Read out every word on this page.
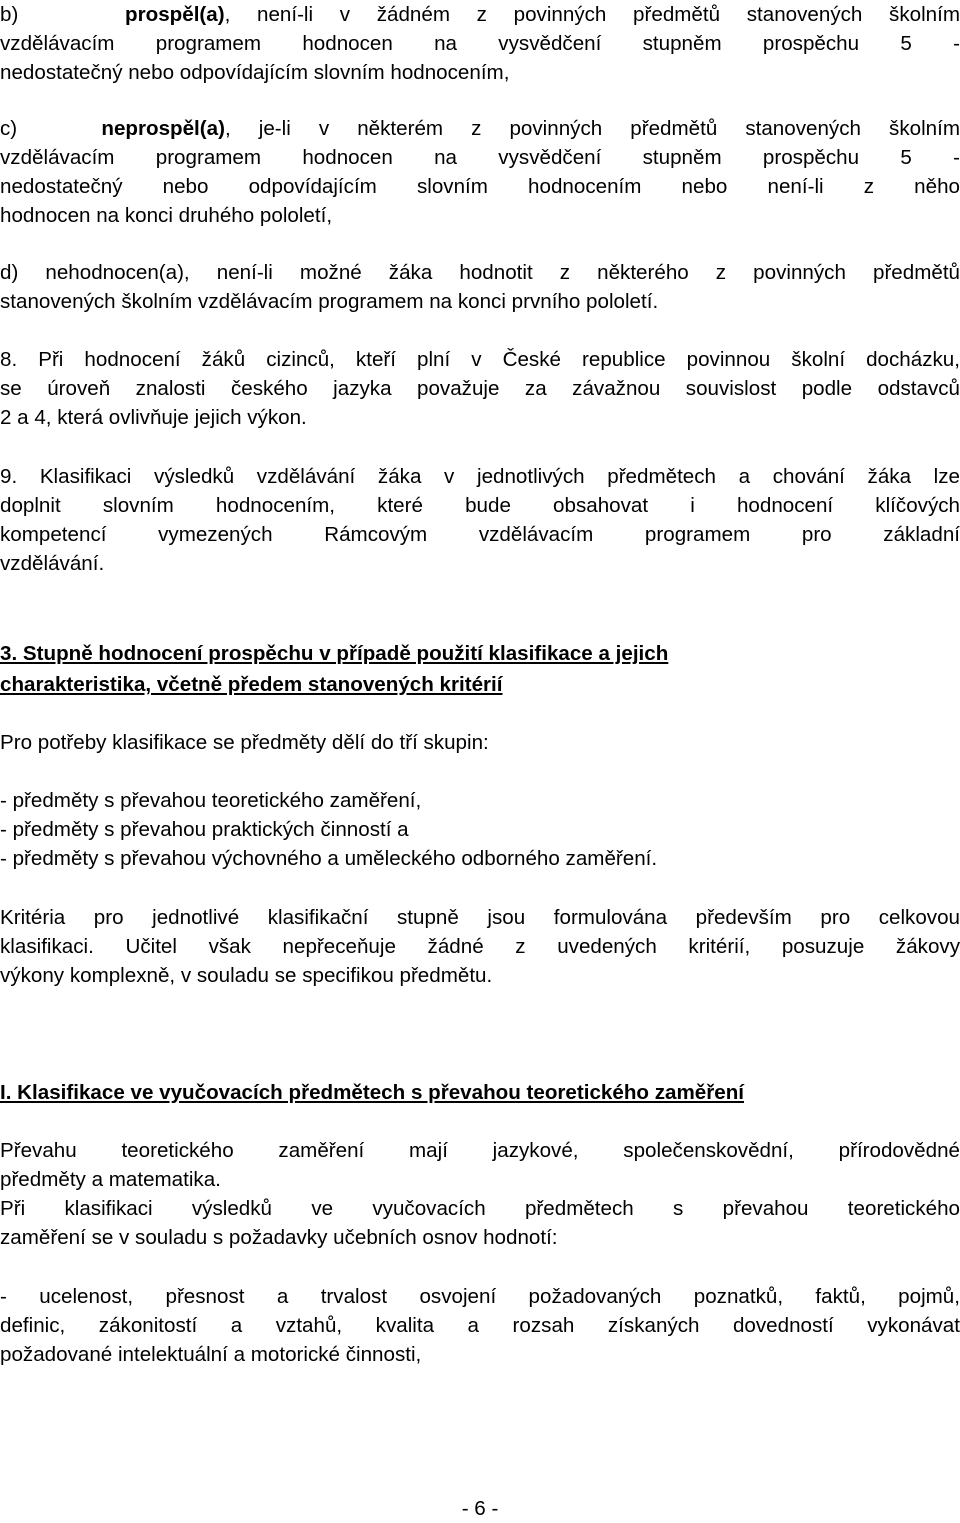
b)	prospěl(a), není-li v žádném z povinných předmětů stanovených školním
vzdělávacím programem hodnocen na vysvědčení stupněm prospěchu 5 -
nedostatečný nebo odpovídajícím slovním hodnocením,
c)	neprospěl(a), je-li v některém z povinných předmětů stanovených školním
vzdělávacím programem hodnocen na vysvědčení stupněm prospěchu 5 -
nedostatečný nebo odpovídajícím slovním hodnocením nebo není-li z něho
hodnocen na konci druhého pololetí,
d) nehodnocen(a), není-li možné žáka hodnotit z některého z povinných předmětů
stanovených školním vzdělávacím programem na konci prvního pololetí.
8. Při hodnocení žáků cizinců, kteří plní v České republice povinnou školní docházku,
se úroveň znalosti českého jazyka považuje za závažnou souvislost podle odstavců
2 a 4, která ovlivňuje jejich výkon.
9. Klasifikaci výsledků vzdělávání žáka v jednotlivých předmětech a chování žáka lze
doplnit slovním hodnocením, které bude obsahovat i hodnocení klíčových
kompetencí vymezených Rámcovým vzdělávacím programem pro základní
vzdělávání.
3. Stupně hodnocení prospěchu v případě použití klasifikace a jejich
charakteristika, včetně předem stanovených kritérií
Pro potřeby klasifikace se předměty dělí do tří skupin:
- předměty s převahou teoretického zaměření,
- předměty s převahou praktických činností a
- předměty s převahou výchovného a uměleckého odborného zaměření.
Kritéria pro jednotlivé klasifikační stupně jsou formulována především pro celkovou
klasifikaci. Učitel však nepřeceňuje žádné z uvedených kritérií, posuzuje žákovy
výkony komplexně, v souladu se specifikou předmětu.
I. Klasifikace ve vyučovacích předmětech s převahou teoretického zaměření
Převahu teoretického zaměření mají jazykové, společenskovědní, přírodovědné
předměty a matematika.
Při klasifikaci výsledků ve vyučovacích předmětech s převahou teoretického
zaměření se v souladu s požadavky učebních osnov hodnotí:
- ucelenost, přesnost a trvalost osvojení požadovaných poznatků, faktů, pojmů,
definic, zákonitostí a vztahů, kvalita a rozsah získaných dovedností vykonávat
požadované intelektuální a motorické činnosti,
- 6 -
